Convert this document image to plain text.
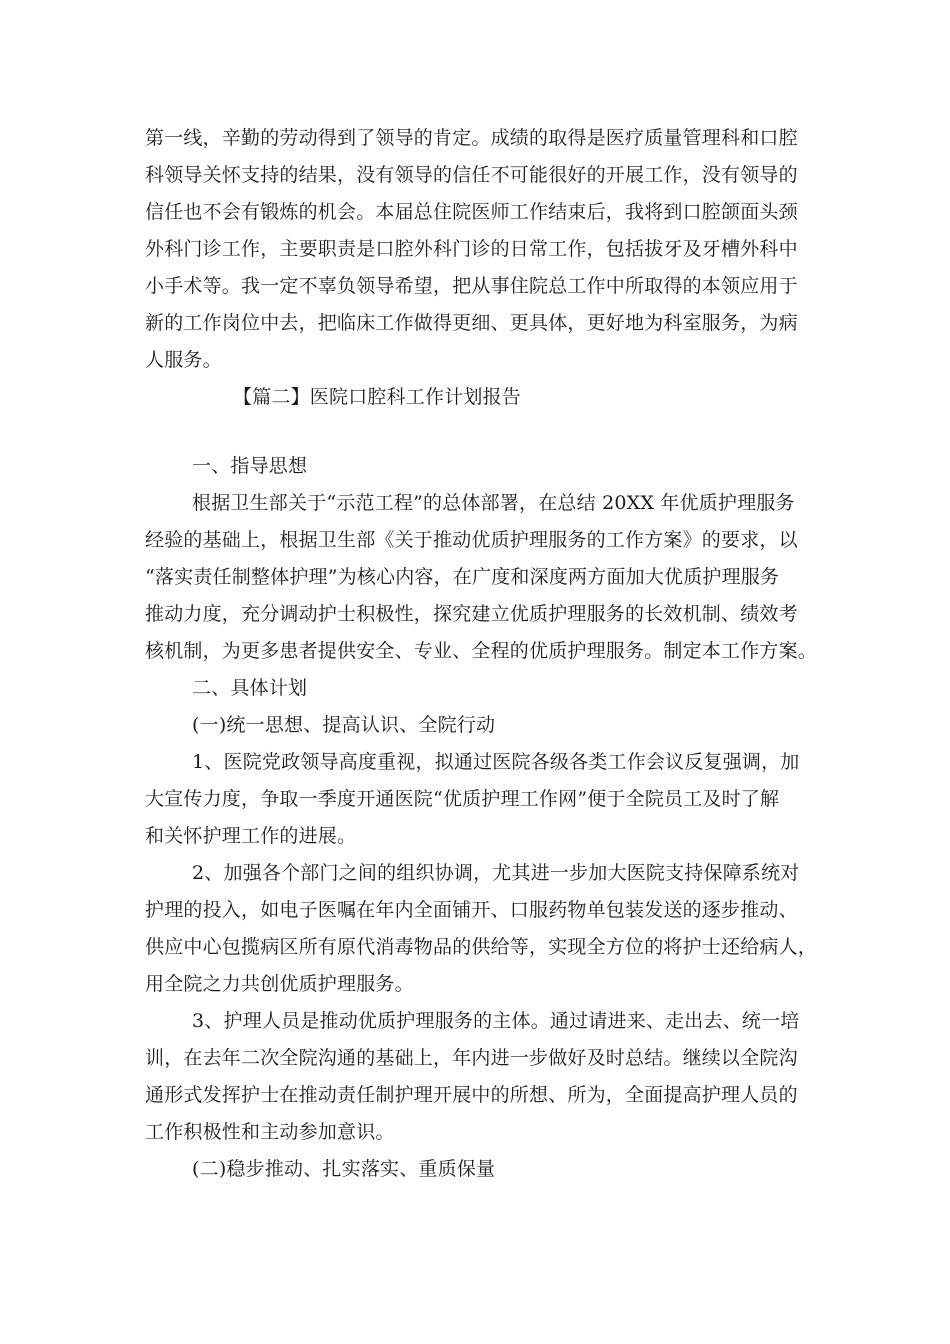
第一线，辛勤的劳动得到了领导的肯定。成绩的取得是医疗质量管理科和口腔
科领导关怀支持的结果，没有领导的信任不可能很好的开展工作，没有领导的
信任也不会有锻炼的机会。本届总住院医师工作结束后，我将到口腔颌面头颈
外科门诊工作，主要职责是口腔外科门诊的日常工作，包括拔牙及牙槽外科中
小手术等。我一定不辜负领导希望，把从事住院总工作中所取得的本领应用于
新的工作岗位中去，把临床工作做得更细、更具体，更好地为科室服务，为病
人服务。
【篇二】医院口腔科工作计划报告
一、指导思想
根据卫生部关于“示范工程”的总体部署，在总结 20XX 年优质护理服务
经验的基础上，根据卫生部《关于推动优质护理服务的工作方案》的要求，以
“落实责任制整体护理”为核心内容，在广度和深度两方面加大优质护理服务
推动力度，充分调动护士积极性，探究建立优质护理服务的长效机制、绩效考
核机制，为更多患者提供安全、专业、全程的优质护理服务。制定本工作方案。
二、具体计划
(一)统一思想、提高认识、全院行动
1、医院党政领导高度重视，拟通过医院各级各类工作会议反复强调，加
大宣传力度，争取一季度开通医院“优质护理工作网”便于全院员工及时了解
和关怀护理工作的进展。
2、加强各个部门之间的组织协调，尤其进一步加大医院支持保障系统对
护理的投入，如电子医嘱在年内全面铺开、口服药物单包装发送的逐步推动、
供应中心包揽病区所有原代消毒物品的供给等，实现全方位的将护士还给病人，
用全院之力共创优质护理服务。
3、护理人员是推动优质护理服务的主体。通过请进来、走出去、统一培
训，在去年二次全院沟通的基础上，年内进一步做好及时总结。继续以全院沟
通形式发挥护士在推动责任制护理开展中的所想、所为，全面提高护理人员的
工作积极性和主动参加意识。
(二)稳步推动、扎实落实、重质保量
